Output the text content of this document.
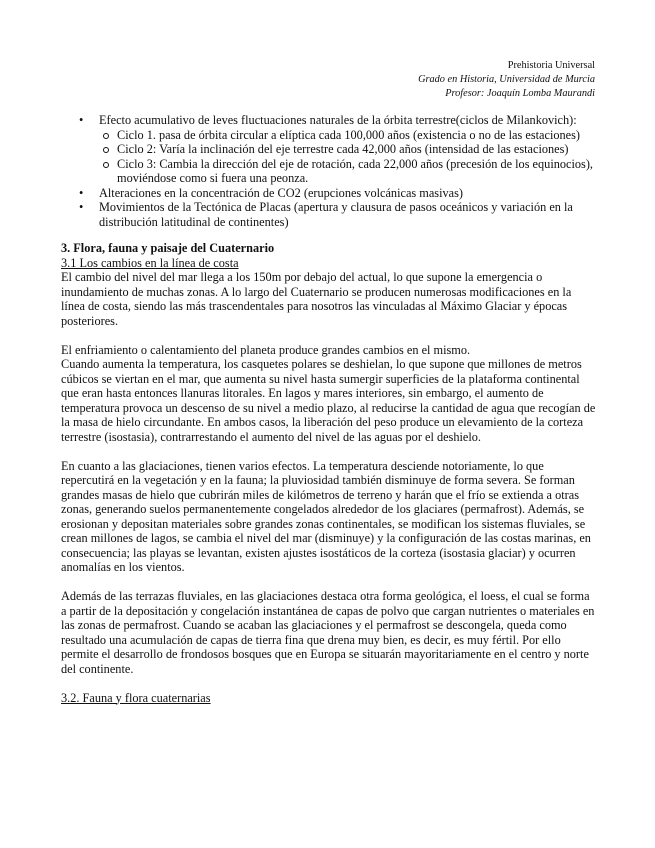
Prehistoria Universal
Grado en Historia, Universidad de Murcia
Profesor: Joaquín Lomba Maurandi
• Efecto acumulativo de leves fluctuaciones naturales de la órbita terrestre(ciclos de Milankovich):
Ciclo 1. pasa de órbita circular a elíptica cada 100,000 años (existencia o no de las estaciones)
Ciclo 2: Varía la inclinación del eje terrestre cada 42,000 años (intensidad de las estaciones)
Ciclo 3: Cambia la dirección del eje de rotación, cada 22,000 años (precesión de los equinocios), moviéndose como si fuera una peonza.
• Alteraciones en la concentración de CO2 (erupciones volcánicas masivas)
• Movimientos de la Tectónica de Placas (apertura y clausura de pasos oceánicos y variación en la distribución latitudinal de continentes)
3. Flora, fauna y paisaje del Cuaternario

3.1 Los cambios en la línea de costa

El cambio del nivel del mar llega a los 150m por debajo del actual, lo que supone la emergencia o inundamiento de muchas zonas. A lo largo del Cuaternario se producen numerosas modificaciones en la línea de costa, siendo las más trascendentales para nosotros las vinculadas al Máximo Glaciar y épocas posteriores.

El enfriamiento o calentamiento del planeta produce grandes cambios en el mismo.

Cuando aumenta la temperatura, los casquetes polares se deshielan, lo que supone que millones de metros cúbicos se viertan en el mar, que aumenta su nivel hasta sumergir superficies de la plataforma continental que eran hasta entonces llanuras litorales. En lagos y mares interiores, sin embargo, el aumento de temperatura provoca un descenso de su nivel a medio plazo, al reducirse la cantidad de agua que recogían de la masa de hielo circundante. En ambos casos, la liberación del peso produce un elevamiento de la corteza terrestre (isostasia), contrarrestando el aumento del nivel de las aguas por el deshielo.

En cuanto a las glaciaciones, tienen varios efectos. La temperatura desciende notoriamente, lo que repercutirá en la vegetación y en la fauna; la pluviosidad también disminuye de forma severa. Se forman grandes masas de hielo que cubrirán miles de kilómetros de terreno y harán que el frío se extienda a otras zonas, generando suelos permanentemente congelados alrededor de los glaciares (permafrost). Además, se erosionan y depositan materiales sobre grandes zonas continentales, se modifican los sistemas fluviales, se crean millones de lagos, se cambia el nivel del mar (disminuye) y la configuración de las costas marinas, en consecuencia; las playas se levantan, existen ajustes isostáticos de la corteza (isostasia glaciar) y ocurren anomalías en los vientos.

Además de las terrazas fluviales, en las glaciaciones destaca otra forma geológica, el loess, el cual se forma a partir de la depositación y congelación instantánea de capas de polvo que cargan nutrientes o materiales en las zonas de permafrost. Cuando se acaban las glaciaciones y el permafrost se descongela, queda como resultado una acumulación de capas de tierra fina que drena muy bien, es decir, es muy fértil. Por ello permite el desarrollo de frondosos bosques que en Europa se situarán mayoritariamente en el centro y norte del continente.

3.2. Fauna y flora cuaternarias
